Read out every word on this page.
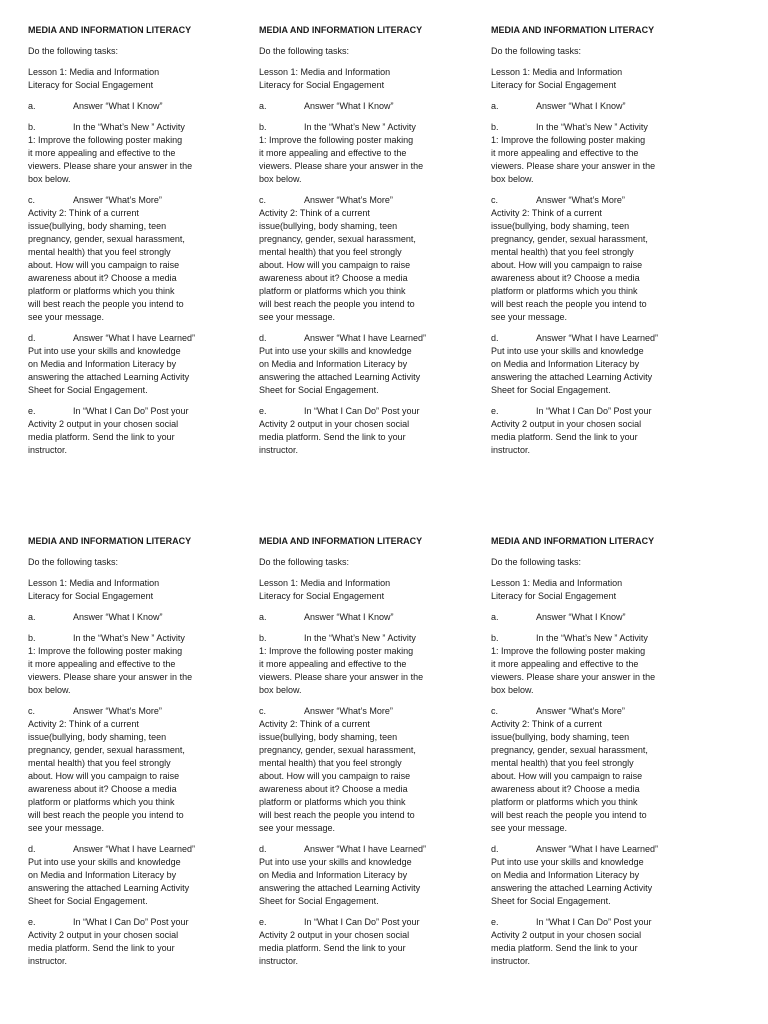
MEDIA AND INFORMATION LITERACY
Do the following tasks:
Lesson 1: Media and Information
Literacy for Social Engagement
a.	Answer “What I Know”
b.	In the “What’s New ” Activity
1: Improve the following poster making
it more appealing and effective to the
viewers. Please share your answer in the
box below.
c.	Answer “What’s More”
Activity 2: Think of a current
issue(bullying, body shaming, teen
pregnancy, gender, sexual harassment,
mental health) that you feel strongly
about. How will you campaign to raise
awareness about it? Choose a media
platform or platforms which you think
will best reach the people you intend to
see your message.
d.	Answer “What I have Learned”
Put into use your skills and knowledge
on Media and Information Literacy by
answering the attached Learning Activity
Sheet for Social Engagement.
e.	In “What I Can Do” Post your
Activity 2 output in your chosen social
media platform. Send the link to your
instructor.
MEDIA AND INFORMATION LITERACY
Do the following tasks:
Lesson 1: Media and Information
Literacy for Social Engagement
a.	Answer “What I Know”
b.	In the “What’s New ” Activity
1: Improve the following poster making
it more appealing and effective to the
viewers. Please share your answer in the
box below.
c.	Answer “What’s More”
Activity 2: Think of a current
issue(bullying, body shaming, teen
pregnancy, gender, sexual harassment,
mental health) that you feel strongly
about. How will you campaign to raise
awareness about it? Choose a media
platform or platforms which you think
will best reach the people you intend to
see your message.
d.	Answer “What I have Learned”
Put into use your skills and knowledge
on Media and Information Literacy by
answering the attached Learning Activity
Sheet for Social Engagement.
e.	In “What I Can Do” Post your
Activity 2 output in your chosen social
media platform. Send the link to your
instructor.
MEDIA AND INFORMATION LITERACY
Do the following tasks:
Lesson 1: Media and Information
Literacy for Social Engagement
a.	Answer “What I Know”
b.	In the “What’s New ” Activity
1: Improve the following poster making
it more appealing and effective to the
viewers. Please share your answer in the
box below.
c.	Answer “What’s More”
Activity 2: Think of a current
issue(bullying, body shaming, teen
pregnancy, gender, sexual harassment,
mental health) that you feel strongly
about. How will you campaign to raise
awareness about it? Choose a media
platform or platforms which you think
will best reach the people you intend to
see your message.
d.	Answer “What I have Learned”
Put into use your skills and knowledge
on Media and Information Literacy by
answering the attached Learning Activity
Sheet for Social Engagement.
e.	In “What I Can Do” Post your
Activity 2 output in your chosen social
media platform. Send the link to your
instructor.
MEDIA AND INFORMATION LITERACY
Do the following tasks:
Lesson 1: Media and Information
Literacy for Social Engagement
a.	Answer “What I Know”
b.	In the “What’s New ” Activity
1: Improve the following poster making
it more appealing and effective to the
viewers. Please share your answer in the
box below.
c.	Answer “What’s More”
Activity 2: Think of a current
issue(bullying, body shaming, teen
pregnancy, gender, sexual harassment,
mental health) that you feel strongly
about. How will you campaign to raise
awareness about it? Choose a media
platform or platforms which you think
will best reach the people you intend to
see your message.
d.	Answer “What I have Learned”
Put into use your skills and knowledge
on Media and Information Literacy by
answering the attached Learning Activity
Sheet for Social Engagement.
e.	In “What I Can Do” Post your
Activity 2 output in your chosen social
media platform. Send the link to your
instructor.
MEDIA AND INFORMATION LITERACY
Do the following tasks:
Lesson 1: Media and Information
Literacy for Social Engagement
a.	Answer “What I Know”
b.	In the “What’s New ” Activity
1: Improve the following poster making
it more appealing and effective to the
viewers. Please share your answer in the
box below.
c.	Answer “What’s More”
Activity 2: Think of a current
issue(bullying, body shaming, teen
pregnancy, gender, sexual harassment,
mental health) that you feel strongly
about. How will you campaign to raise
awareness about it? Choose a media
platform or platforms which you think
will best reach the people you intend to
see your message.
d.	Answer “What I have Learned”
Put into use your skills and knowledge
on Media and Information Literacy by
answering the attached Learning Activity
Sheet for Social Engagement.
e.	In “What I Can Do” Post your
Activity 2 output in your chosen social
media platform. Send the link to your
instructor.
MEDIA AND INFORMATION LITERACY
Do the following tasks:
Lesson 1: Media and Information
Literacy for Social Engagement
a.	Answer “What I Know”
b.	In the “What’s New ” Activity
1: Improve the following poster making
it more appealing and effective to the
viewers. Please share your answer in the
box below.
c.	Answer “What’s More”
Activity 2: Think of a current
issue(bullying, body shaming, teen
pregnancy, gender, sexual harassment,
mental health) that you feel strongly
about. How will you campaign to raise
awareness about it? Choose a media
platform or platforms which you think
will best reach the people you intend to
see your message.
d.	Answer “What I have Learned”
Put into use your skills and knowledge
on Media and Information Literacy by
answering the attached Learning Activity
Sheet for Social Engagement.
e.	In “What I Can Do” Post your
Activity 2 output in your chosen social
media platform. Send the link to your
instructor.
